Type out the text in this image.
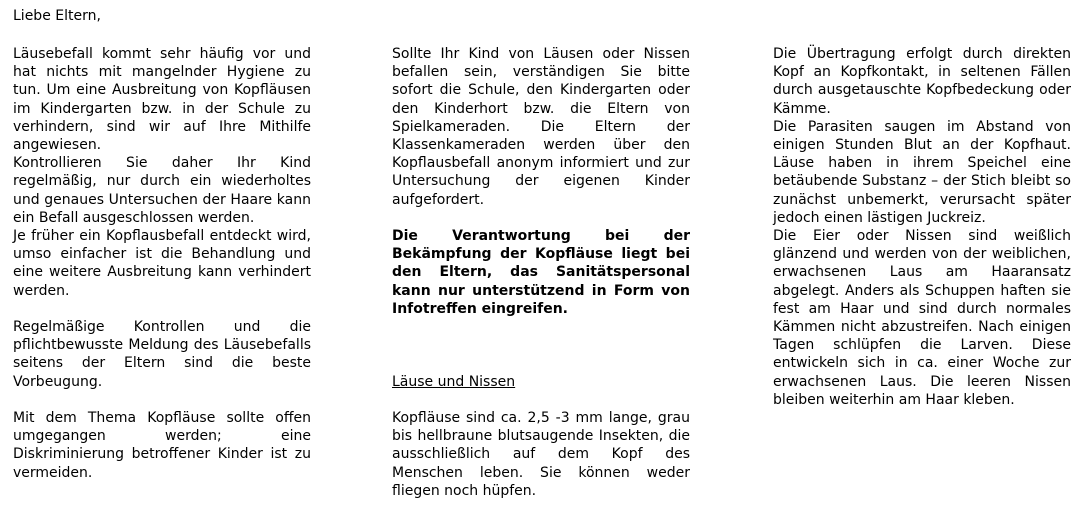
Liebe Eltern,

Läusebefall kommt sehr häufig vor und hat nichts mit mangelnder Hygiene zu tun. Um eine Ausbreitung von Kopfläusen im Kindergarten bzw. in der Schule zu verhindern, sind wir auf Ihre Mithilfe angewiesen.

Kontrollieren Sie daher Ihr Kind regelmäßig, nur durch ein wiederholtes und genaues Untersuchen der Haare kann ein Befall ausgeschlossen werden.

Je früher ein Kopflausbefall entdeckt wird, umso einfacher ist die Behandlung und eine weitere Ausbreitung kann verhindert werden.

Regelmäßige Kontrollen und die pflichtbewusste Meldung des Läusebefalls seitens der Eltern sind die beste Vorbeugung.

Mit dem Thema Kopfläuse sollte offen umgegangen werden; eine Diskriminierung betroffener Kinder ist zu vermeiden.

Sollte Ihr Kind von Läusen oder Nissen befallen sein, verständigen Sie bitte sofort die Schule, den Kindergarten oder den Kinderhort bzw. die Eltern von Spielkameraden. Die Eltern der Klassenkameraden werden über den Kopflausbefall anonym informiert und zur Untersuchung der eigenen Kinder aufgefordert.

Die Verantwortung bei der Bekämpfung der Kopfläuse liegt bei den Eltern, das Sanitätspersonal kann nur unterstützend in Form von Infotreffen eingreifen.

Läuse und Nissen

Kopfläuse sind ca. 2,5 -3 mm lange, grau bis hellbraune blutsaugende Insekten, die ausschließlich auf dem Kopf des Menschen leben. Sie können weder fliegen noch hüpfen.

Die Übertragung erfolgt durch direkten Kopf an Kopfkontakt, in seltenen Fällen durch ausgetauschte Kopfbedeckung oder Kämme.

Die Parasiten saugen im Abstand von einigen Stunden Blut an der Kopfhaut. Läuse haben in ihrem Speichel eine betäubende Substanz – der Stich bleibt so zunächst unbemerkt, verursacht später jedoch einen lästigen Juckreiz.

Die Eier oder Nissen sind weißlich glänzend und werden von der weiblichen, erwachsenen Laus am Haaransatz abgelegt. Anders als Schuppen haften sie fest am Haar und sind durch normales Kämmen nicht abzustreifen. Nach einigen Tagen schlüpfen die Larven. Diese entwickeln sich in ca. einer Woche zur erwachsenen Laus. Die leeren Nissen bleiben weiterhin am Haar kleben.
